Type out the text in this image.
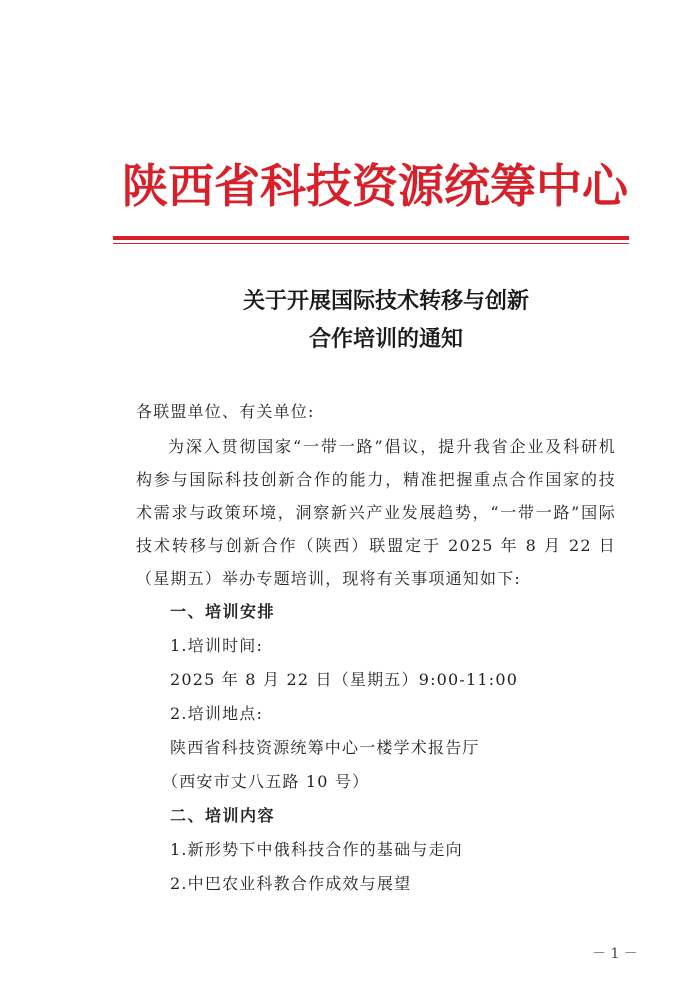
陕西省科技资源统筹中心
关于开展国际技术转移与创新
合作培训的通知
各联盟单位、有关单位:
为深入贯彻国家“一带一路”倡议，提升我省企业及科研机构参与国际科技创新合作的能力，精准把握重点合作国家的技术需求与政策环境，洞察新兴产业发展趋势，“一带一路”国际技术转移与创新合作（陕西）联盟定于 2025 年 8 月 22 日（星期五）举办专题培训，现将有关事项通知如下:
一、培训安排
1.培训时间:
2025 年 8 月 22 日（星期五）9:00-11:00
2.培训地点:
陕西省科技资源统筹中心一楼学术报告厅
（西安市丈八五路 10 号）
二、培训内容
1.新形势下中俄科技合作的基础与走向
2.中巴农业科教合作成效与展望
－ 1 －
